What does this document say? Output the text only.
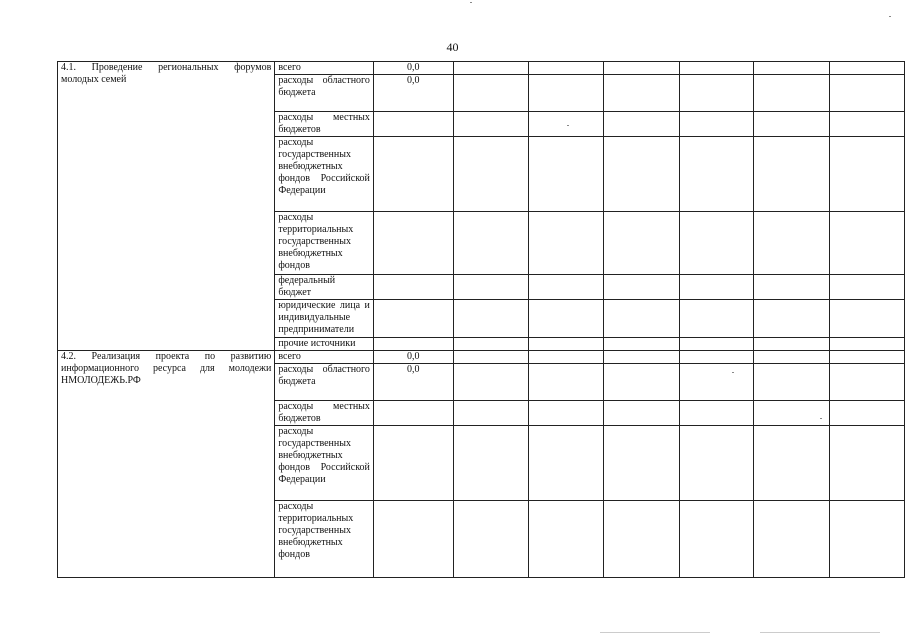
40
4.1. Проведение региональных форумов
молодых семей	всего	0,0						
	расходы областного бюджета	0,0						
	расходы местных бюджетов							
	расходы государственных внебюджетных фондов Российской Федерации							
	расходы территориальных государственных внебюджетных фондов							
	федеральный бюджет							
	юридические лица и индивидуальные предприниматели							
	прочие источники							

4.2. Реализация проекта по развитию
информационного ресурса для молодежи
НМОЛОДЕЖЬ.РФ	всего	0,0						
	расходы областного бюджета	0,0						
	расходы местных бюджетов							
	расходы государственных внебюджетных фондов Российской Федерации							
	расходы территориальных государственных внебюджетных фондов							
